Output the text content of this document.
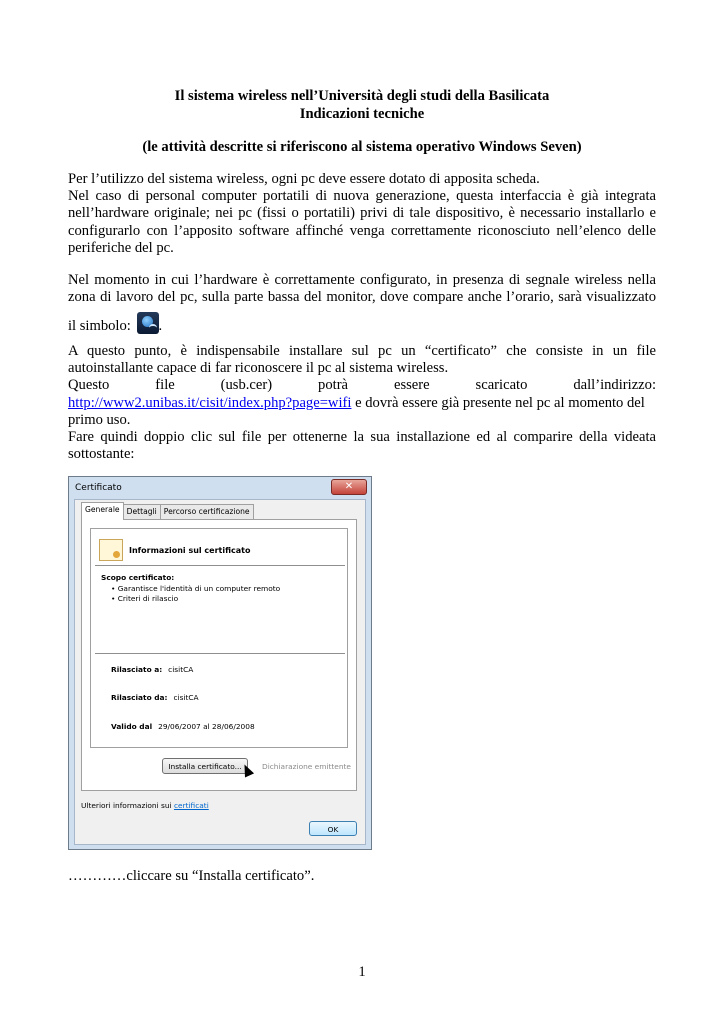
Il sistema wireless nell’Università degli studi della Basilicata
Indicazioni tecniche
(le attività descritte si riferiscono al sistema operativo Windows Seven)
Per l’utilizzo del sistema wireless, ogni pc deve essere dotato di apposita scheda.
Nel caso di personal computer portatili di nuova generazione, questa interfaccia è già integrata
nell’hardware originale; nei pc (fissi o portatili) privi di tale dispositivo, è necessario installarlo e
configurarlo con l’apposito software affinché venga correttamente riconosciuto nell’elenco delle
periferiche del pc.
Nel momento in cui l’hardware è correttamente configurato, in presenza di segnale wireless nella
zona di lavoro del pc, sulla parte bassa del monitor, dove compare anche l’orario, sarà visualizzato
il simbolo:
.
A questo punto, è indispensabile installare sul pc un “certificato” che consiste in un file
autoinstallante capace di far riconoscere il pc al sistema wireless.
Questo file (usb.cer) potrà essere scaricato dall’indirizzo:
http://www2.unibas.it/cisit/index.php?page=wifi e dovrà essere già presente nel pc al momento del
primo uso.
Fare quindi doppio clic sul file per ottenerne la sua installazione ed al comparire della videata
sottostante:
Certificato	✕
Generale Dettagli Percorso certificazione
Informazioni sul certificato
Scopo certificato:
• Garantisce l'identità di un computer remoto
• Criteri di rilascio
Rilasciato a: cisitCA
Rilasciato da: cisitCA
Valido dal 29/06/2007 al 28/06/2008
Installa certificato...	Dichiarazione emittente
Ulteriori informazioni sui certificati
OK
…………cliccare su “Installa certificato”.
1
